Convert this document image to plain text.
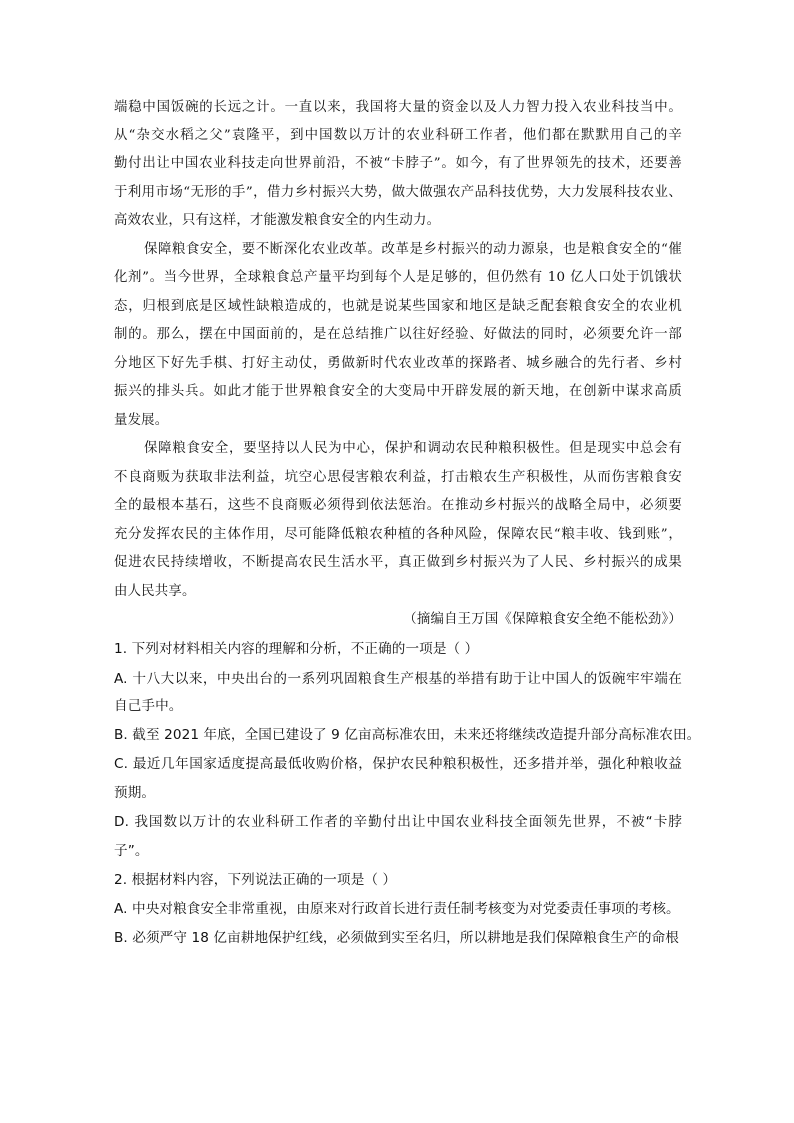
端稳中国饭碗的长远之计。一直以来，我国将大量的资金以及人力智力投入农业科技当中。
从“杂交水稻之父”袁隆平，到中国数以万计的农业科研工作者，他们都在默默用自己的辛
勤付出让中国农业科技走向世界前沿，不被“卡脖子”。如今，有了世界领先的技术，还要善
于利用市场“无形的手”，借力乡村振兴大势，做大做强农产品科技优势，大力发展科技农业、
高效农业，只有这样，才能激发粮食安全的内生动力。
保障粮食安全，要不断深化农业改革。改革是乡村振兴的动力源泉，也是粮食安全的“催
化剂”。当今世界，全球粮食总产量平均到每个人是足够的，但仍然有 10 亿人口处于饥饿状
态，归根到底是区域性缺粮造成的，也就是说某些国家和地区是缺乏配套粮食安全的农业机
制的。那么，摆在中国面前的，是在总结推广以往好经验、好做法的同时，必须要允许一部
分地区下好先手棋、打好主动仗，勇做新时代农业改革的探路者、城乡融合的先行者、乡村
振兴的排头兵。如此才能于世界粮食安全的大变局中开辟发展的新天地，在创新中谋求高质
量发展。
保障粮食安全，要坚持以人民为中心，保护和调动农民种粮积极性。但是现实中总会有
不良商贩为获取非法利益，坑空心思侵害粮农利益，打击粮农生产积极性，从而伤害粮食安
全的最根本基石，这些不良商贩必须得到依法惩治。在推动乡村振兴的战略全局中，必须要
充分发挥农民的主体作用，尽可能降低粮农种植的各种风险，保障农民“粮丰收、钱到账”，
促进农民持续增收，不断提高农民生活水平，真正做到乡村振兴为了人民、乡村振兴的成果
由人民共享。
（摘编自王万国《保障粮食安全绝不能松劲》）
1. 下列对材料相关内容的理解和分析，不正确的一项是（ ）
A. 十八大以来，中央出台的一系列巩固粮食生产根基的举措有助于让中国人的饭碗牢牢端在
自己手中。
B. 截至 2021 年底，全国已建设了 9 亿亩高标准农田，未来还将继续改造提升部分高标准农田。
C. 最近几年国家适度提高最低收购价格，保护农民种粮积极性，还多措并举，强化种粮收益
预期。
D. 我国数以万计的农业科研工作者的辛勤付出让中国农业科技全面领先世界，不被“卡脖
子”。
2. 根据材料内容，下列说法正确的一项是（ ）
A. 中央对粮食安全非常重视，由原来对行政首长进行责任制考核变为对党委责任事项的考核。
B. 必须严守 18 亿亩耕地保护红线，必须做到实至名归，所以耕地是我们保障粮食生产的命根
